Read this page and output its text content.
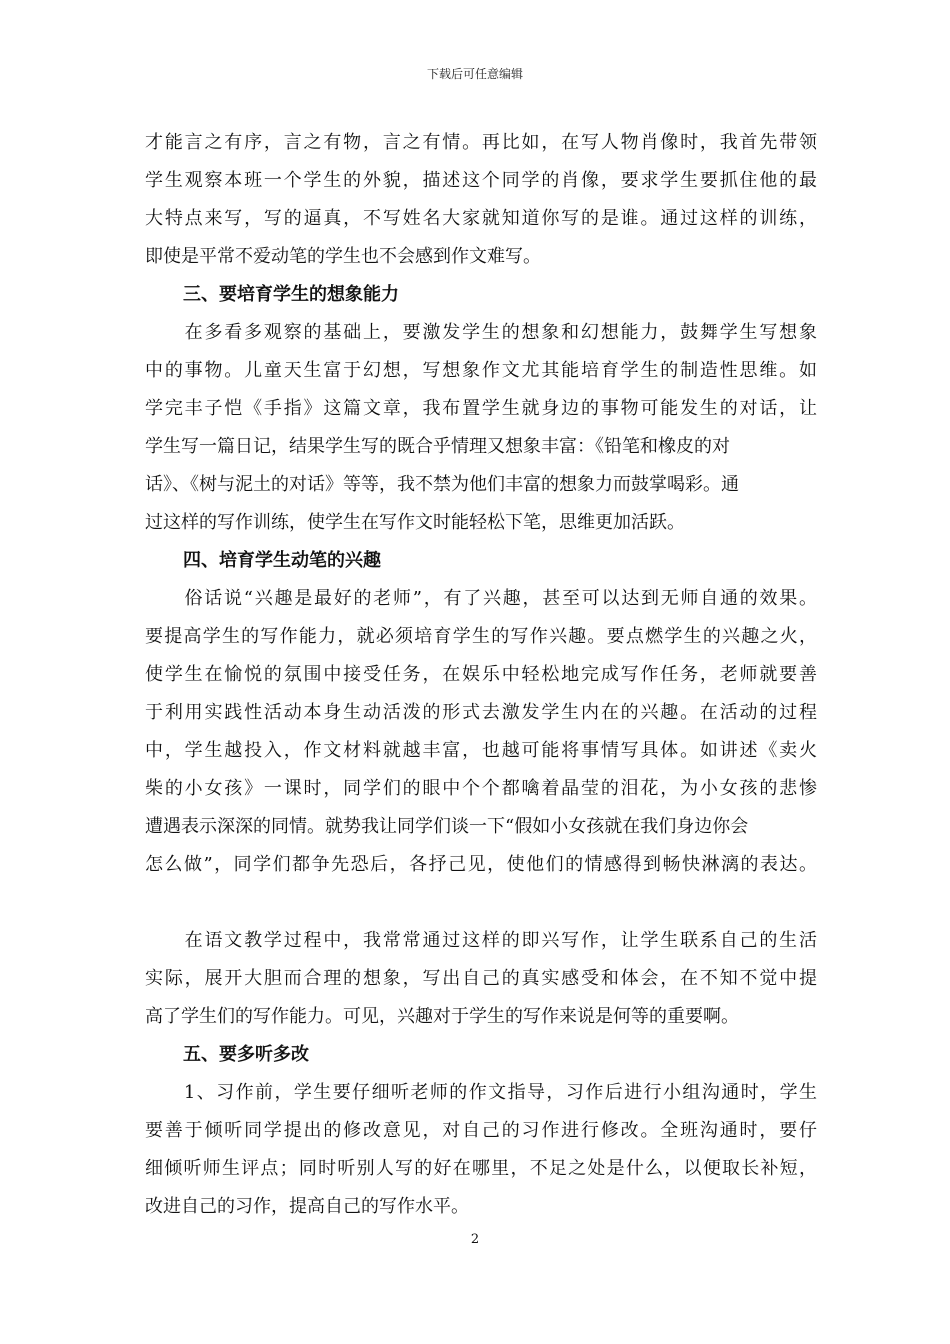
下载后可任意编辑

才能言之有序，言之有物，言之有情。再比如，在写人物肖像时，我首先带领
学生观察本班一个学生的外貌，描述这个同学的肖像，要求学生要抓住他的最
大特点来写，写的逼真，不写姓名大家就知道你写的是谁。通过这样的训练，
即使是平常不爱动笔的学生也不会感到作文难写。

三、要培育学生的想象能力

　　在多看多观察的基础上，要激发学生的想象和幻想能力，鼓舞学生写想象
中的事物。儿童天生富于幻想，写想象作文尤其能培育学生的制造性思维。如
学完丰子恺《手指》这篇文章，我布置学生就身边的事物可能发生的对话，让
学生写一篇日记，结果学生写的既合乎情理又想象丰富：《铅笔和橡皮的对
话》、《树与泥土的对话》等等，我不禁为他们丰富的想象力而鼓掌喝彩。通
过这样的写作训练，使学生在写作文时能轻松下笔，思维更加活跃。

四、培育学生动笔的兴趣

　　俗话说“兴趣是最好的老师”，有了兴趣，甚至可以达到无师自通的效果。
要提高学生的写作能力，就必须培育学生的写作兴趣。要点燃学生的兴趣之火，
使学生在愉悦的氛围中接受任务，在娱乐中轻松地完成写作任务，老师就要善
于利用实践性活动本身生动活泼的形式去激发学生内在的兴趣。在活动的过程
中，学生越投入，作文材料就越丰富，也越可能将事情写具体。如讲述《卖火
柴的小女孩》一课时，同学们的眼中个个都噙着晶莹的泪花，为小女孩的悲惨
遭遇表示深深的同情。就势我让同学们谈一下“假如小女孩就在我们身边你会
怎么做”，同学们都争先恐后，各抒己见，使他们的情感得到畅快淋漓的表达。

　　在语文教学过程中，我常常通过这样的即兴写作，让学生联系自己的生活
实际，展开大胆而合理的想象，写出自己的真实感受和体会，在不知不觉中提
高了学生们的写作能力。可见，兴趣对于学生的写作来说是何等的重要啊。

五、要多听多改

　　1、习作前，学生要仔细听老师的作文指导，习作后进行小组沟通时，学生
要善于倾听同学提出的修改意见，对自己的习作进行修改。全班沟通时，要仔
细倾听师生评点；同时听别人写的好在哪里，不足之处是什么，以便取长补短，
改进自己的习作，提高自己的写作水平。

2
